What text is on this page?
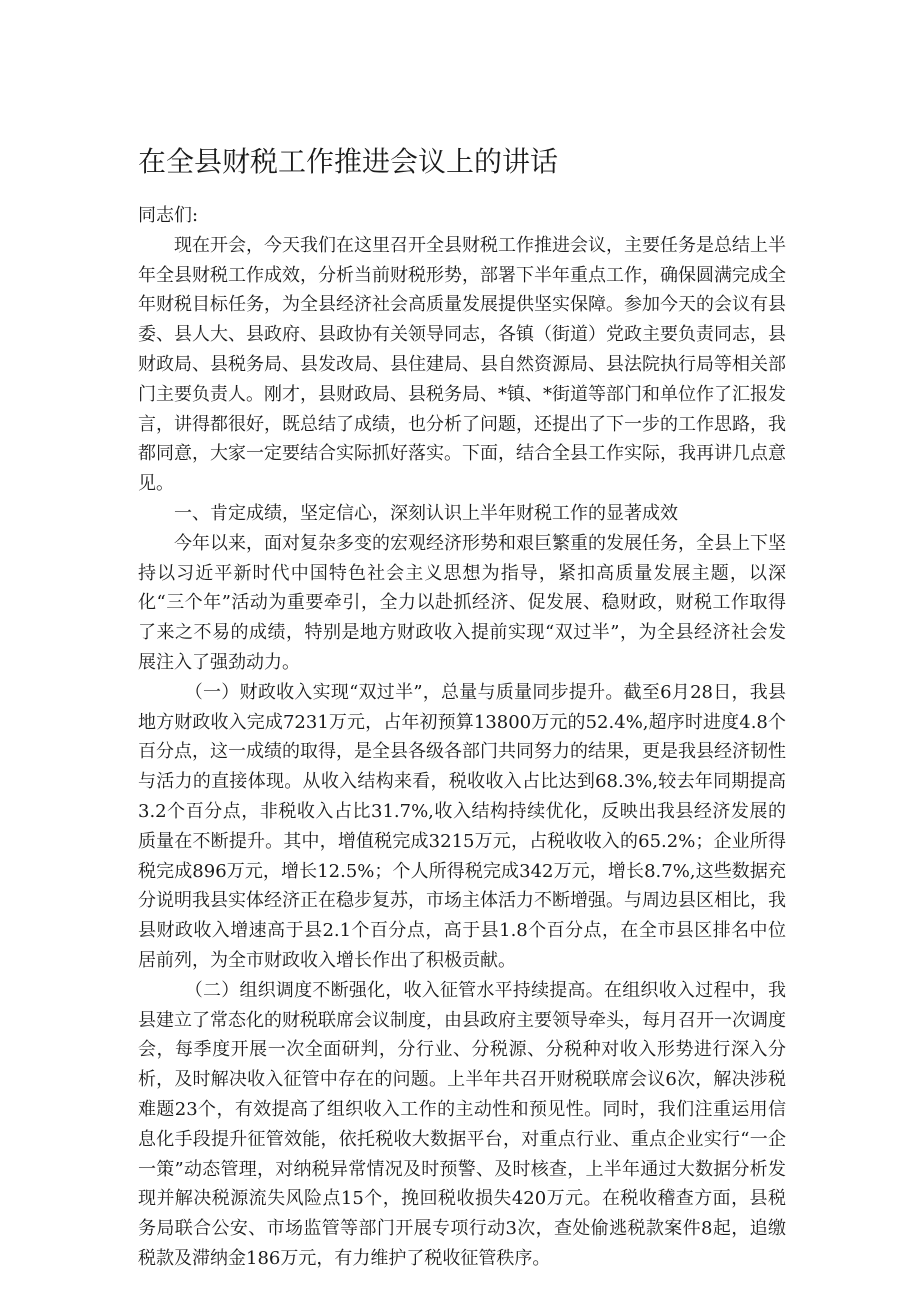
在全县财税工作推进会议上的讲话

同志们:

现在开会，今天我们在这里召开全县财税工作推进会议，主要任务是总结上半年全县财税工作成效，分析当前财税形势，部署下半年重点工作，确保圆满完成全年财税目标任务，为全县经济社会高质量发展提供坚实保障。参加今天的会议有县委、县人大、县政府、县政协有关领导同志，各镇（街道）党政主要负责同志，县财政局、县税务局、县发改局、县住建局、县自然资源局、县法院执行局等相关部门主要负责人。刚才，县财政局、县税务局、*镇、*街道等部门和单位作了汇报发言，讲得都很好，既总结了成绩，也分析了问题，还提出了下一步的工作思路，我都同意，大家一定要结合实际抓好落实。下面，结合全县工作实际，我再讲几点意见。

一、肯定成绩，坚定信心，深刻认识上半年财税工作的显著成效

今年以来，面对复杂多变的宏观经济形势和艰巨繁重的发展任务，全县上下坚持以习近平新时代中国特色社会主义思想为指导，紧扣高质量发展主题，以深化“三个年”活动为重要牵引，全力以赴抓经济、促发展、稳财政，财税工作取得了来之不易的成绩，特别是地方财政收入提前实现“双过半”，为全县经济社会发展注入了强劲动力。

（一）财政收入实现“双过半”，总量与质量同步提升。截至6月28日，我县地方财政收入完成7231万元，占年初预算13800万元的52.4%,超序时进度4.8个百分点，这一成绩的取得，是全县各级各部门共同努力的结果，更是我县经济韧性与活力的直接体现。从收入结构来看，税收收入占比达到68.3%,较去年同期提高3.2个百分点，非税收入占比31.7%,收入结构持续优化，反映出我县经济发展的质量在不断提升。其中，增值税完成3215万元，占税收收入的65.2%；企业所得税完成896万元，增长12.5%；个人所得税完成342万元，增长8.7%,这些数据充分说明我县实体经济正在稳步复苏，市场主体活力不断增强。与周边县区相比，我县财政收入增速高于县2.1个百分点，高于县1.8个百分点，在全市县区排名中位居前列，为全市财政收入增长作出了积极贡献。

（二）组织调度不断强化，收入征管水平持续提高。在组织收入过程中，我县建立了常态化的财税联席会议制度，由县政府主要领导牵头，每月召开一次调度会，每季度开展一次全面研判，分行业、分税源、分税种对收入形势进行深入分析，及时解决收入征管中存在的问题。上半年共召开财税联席会议6次，解决涉税难题23个，有效提高了组织收入工作的主动性和预见性。同时，我们注重运用信息化手段提升征管效能，依托税收大数据平台，对重点行业、重点企业实行“一企一策”动态管理，对纳税异常情况及时预警、及时核查，上半年通过大数据分析发现并解决税源流失风险点15个，挽回税收损失420万元。在税收稽查方面，县税务局联合公安、市场监管等部门开展专项行动3次，查处偷逃税款案件8起，追缴税款及滞纳金186万元，有力维护了税收征管秩序。
